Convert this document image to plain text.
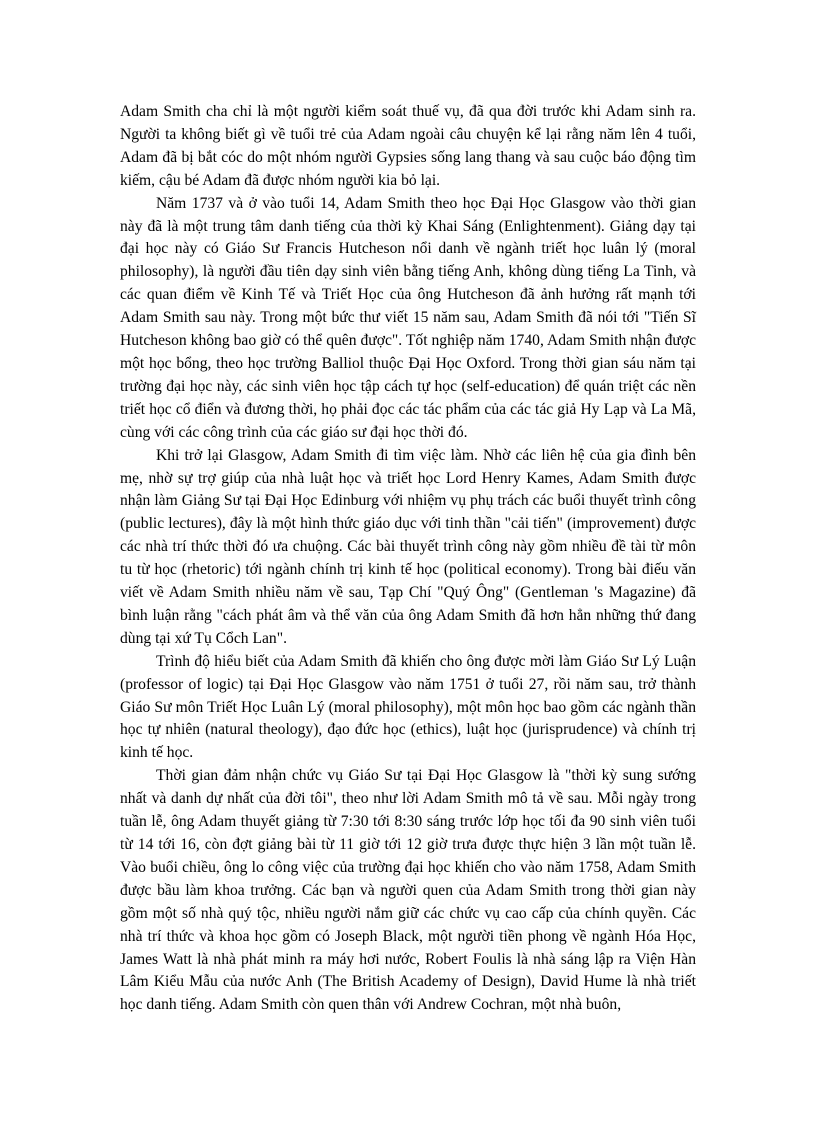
Adam Smith cha chỉ là một người kiểm soát thuế vụ, đã qua đời trước khi Adam sinh ra. Người ta không biết gì về tuổi trẻ của Adam ngoài câu chuyện kể lại rằng năm lên 4 tuổi, Adam đã bị bắt cóc do một nhóm người Gypsies sống lang thang và sau cuộc báo động tìm kiếm, cậu bé Adam đã được nhóm người kia bỏ lại.

Năm 1737 và ở vào tuổi 14, Adam Smith theo học Đại Học Glasgow vào thời gian này đã là một trung tâm danh tiếng của thời kỳ Khai Sáng (Enlightenment). Giảng dạy tại đại học này có Giáo Sư Francis Hutcheson nổi danh về ngành triết học luân lý (moral philosophy), là người đầu tiên dạy sinh viên bằng tiếng Anh, không dùng tiếng La Tinh, và các quan điểm về Kinh Tế và Triết Học của ông Hutcheson đã ảnh hưởng rất mạnh tới Adam Smith sau này. Trong một bức thư viết 15 năm sau, Adam Smith đã nói tới "Tiến Sĩ Hutcheson không bao giờ có thể quên được". Tốt nghiệp năm 1740, Adam Smith nhận được một học bổng, theo học trường Balliol thuộc Đại Học Oxford. Trong thời gian sáu năm tại trường đại học này, các sinh viên học tập cách tự học (self-education) để quán triệt các nền triết học cổ điển và đương thời, họ phải đọc các tác phẩm của các tác giả Hy Lạp và La Mã, cùng với các công trình của các giáo sư đại học thời đó.

Khi trở lại Glasgow, Adam Smith đi tìm việc làm. Nhờ các liên hệ của gia đình bên mẹ, nhờ sự trợ giúp của nhà luật học và triết học Lord Henry Kames, Adam Smith được nhận làm Giảng Sư tại Đại Học Edinburg với nhiệm vụ phụ trách các buổi thuyết trình công (public lectures), đây là một hình thức giáo dục với tinh thần "cải tiến" (improvement) được các nhà trí thức thời đó ưa chuộng. Các bài thuyết trình công này gồm nhiều đề tài từ môn tu từ học (rhetoric) tới ngành chính trị kinh tế học (political economy). Trong bài điếu văn viết về Adam Smith nhiều năm về sau, Tạp Chí "Quý Ông" (Gentleman 's Magazine) đã bình luận rằng "cách phát âm và thể văn của ông Adam Smith đã hơn hẳn những thứ đang dùng tại xứ Tụ Cổch Lan".

Trình độ hiểu biết của Adam Smith đã khiến cho ông được mời làm Giáo Sư Lý Luận (professor of logic) tại Đại Học Glasgow vào năm 1751 ở tuổi 27, rồi năm sau, trở thành Giáo Sư môn Triết Học Luân Lý (moral philosophy), một môn học bao gồm các ngành thần học tự nhiên (natural theology), đạo đức học (ethics), luật học (jurisprudence) và chính trị kinh tế học.

Thời gian đảm nhận chức vụ Giáo Sư tại Đại Học Glasgow là "thời kỳ sung sướng nhất và danh dự nhất của đời tôi", theo như lời Adam Smith mô tả về sau. Mỗi ngày trong tuần lễ, ông Adam thuyết giảng từ 7:30 tới 8:30 sáng trước lớp học tối đa 90 sinh viên tuổi từ 14 tới 16, còn đợt giảng bài từ 11 giờ tới 12 giờ trưa được thực hiện 3 lần một tuần lễ. Vào buổi chiều, ông lo công việc của trường đại học khiến cho vào năm 1758, Adam Smith được bầu làm khoa trưởng. Các bạn và người quen của Adam Smith trong thời gian này gồm một số nhà quý tộc, nhiều người nắm giữ các chức vụ cao cấp của chính quyền. Các nhà trí thức và khoa học gồm có Joseph Black, một người tiền phong về ngành Hóa Học, James Watt là nhà phát minh ra máy hơi nước, Robert Foulis là nhà sáng lập ra Viện Hàn Lâm Kiểu Mẫu của nước Anh (The British Academy of Design), David Hume là nhà triết học danh tiếng. Adam Smith còn quen thân với Andrew Cochran, một nhà buôn,
